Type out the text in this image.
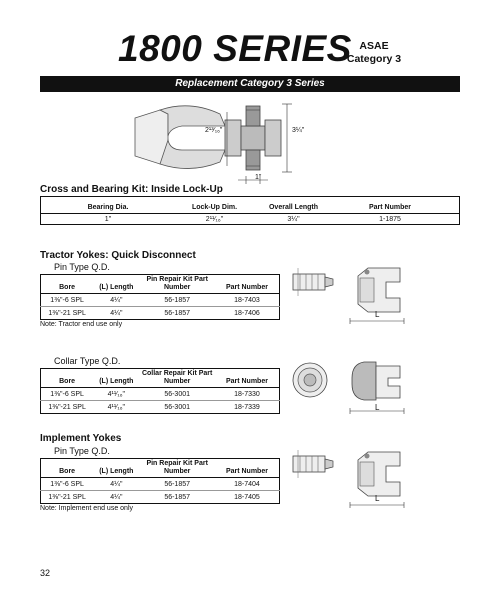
1800 SERIES ASAE
Category 3
Replacement Category 3 Series
2¹³⁄₁₆"	3¼"
1"
Cross and Bearing Kit: Inside Lock-Up
Bearing Dia.	Lock-Up Dim.	Overall Length	Part Number	
1"	2¹¹⁄₁₆"	3¼"	1-1875	
Tractor Yokes: Quick Disconnect
Pin Type Q.D.
Bore	(L) Length	Pin Repair Kit Part Number	Part Number
1⅜"-6 SPL	4¼"	56-1857	18-7403
1⅜"-21 SPL	4¼"	56-1857	18-7406
Note: Tractor end use only
L
Collar Type Q.D.
Bore	(L) Length	Collar Repair Kit Part Number	Part Number
1⅜"-6 SPL	4¹¹⁄₁₆"	56-3001	18-7330
1⅜"-21 SPL	4¹¹⁄₁₆"	56-3001	18-7339	L
Implement Yokes
Pin Type Q.D.
Bore	(L) Length	Pin Repair Kit Part Number	Part Number
1⅜"-6 SPL	4¼"	56-1857	18-7404
1⅜"-21 SPL	4¼"	56-1857	18-7405
Note: Implement end use only
L
32
